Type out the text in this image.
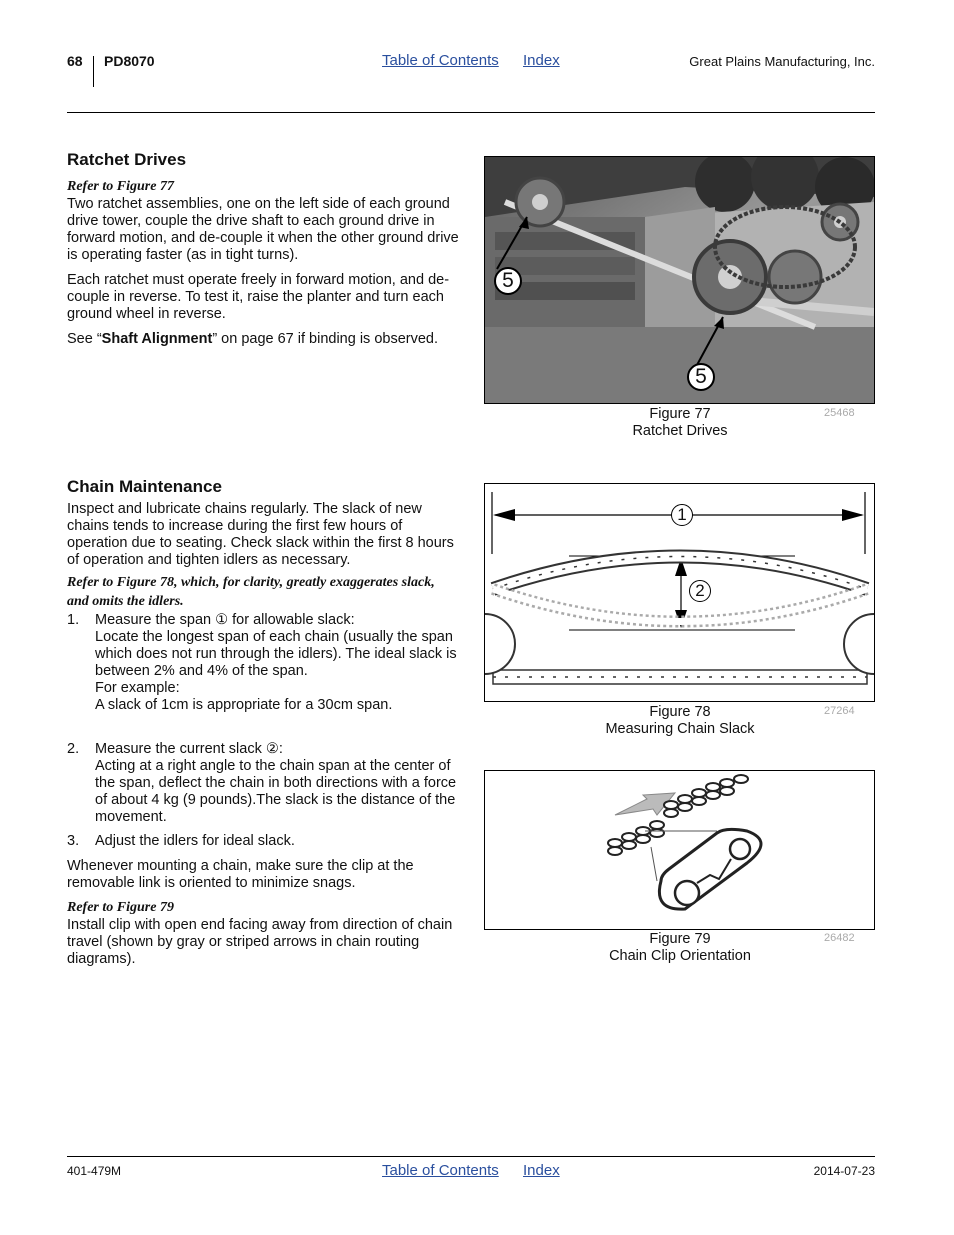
68 PD8070	Table of Contents Index	Great Plains Manufacturing, Inc.
Ratchet Drives
Refer to Figure 77
Two ratchet assemblies, one on the left side of each ground drive tower, couple the drive shaft to each ground drive in forward motion, and de-couple it when the other ground drive is operating faster (as in tight turns).
Each ratchet must operate freely in forward motion, and de-couple in reverse. To test it, raise the planter and turn each ground wheel in reverse.
See “Shaft Alignment” on page 67 if binding is observed.
5
5
Figure 77
Ratchet Drives
25468
Chain Maintenance
Inspect and lubricate chains regularly. The slack of new chains tends to increase during the first few hours of operation due to seating. Check slack within the first 8 hours of operation and tighten idlers as necessary.
Refer to Figure 78, which, for clarity, greatly exaggerates slack, and omits the idlers.
1. Measure the span ① for allowable slack:
Locate the longest span of each chain (usually the span which does not run through the idlers). The ideal slack is between 2% and 4% of the span.
For example:
A slack of 1cm is appropriate for a 30cm span.
2. Measure the current slack ②:
Acting at a right angle to the chain span at the center of the span, deflect the chain in both directions with a force of about 4 kg (9 pounds).The slack is the distance of the movement.
3. Adjust the idlers for ideal slack.
Whenever mounting a chain, make sure the clip at the removable link is oriented to minimize snags.
Refer to Figure 79
Install clip with open end facing away from direction of chain travel (shown by gray or striped arrows in chain routing diagrams).
1
2
Figure 78
Measuring Chain Slack
27264
Figure 79
Chain Clip Orientation
26482
401-479M	Table of Contents Index	2014-07-23
